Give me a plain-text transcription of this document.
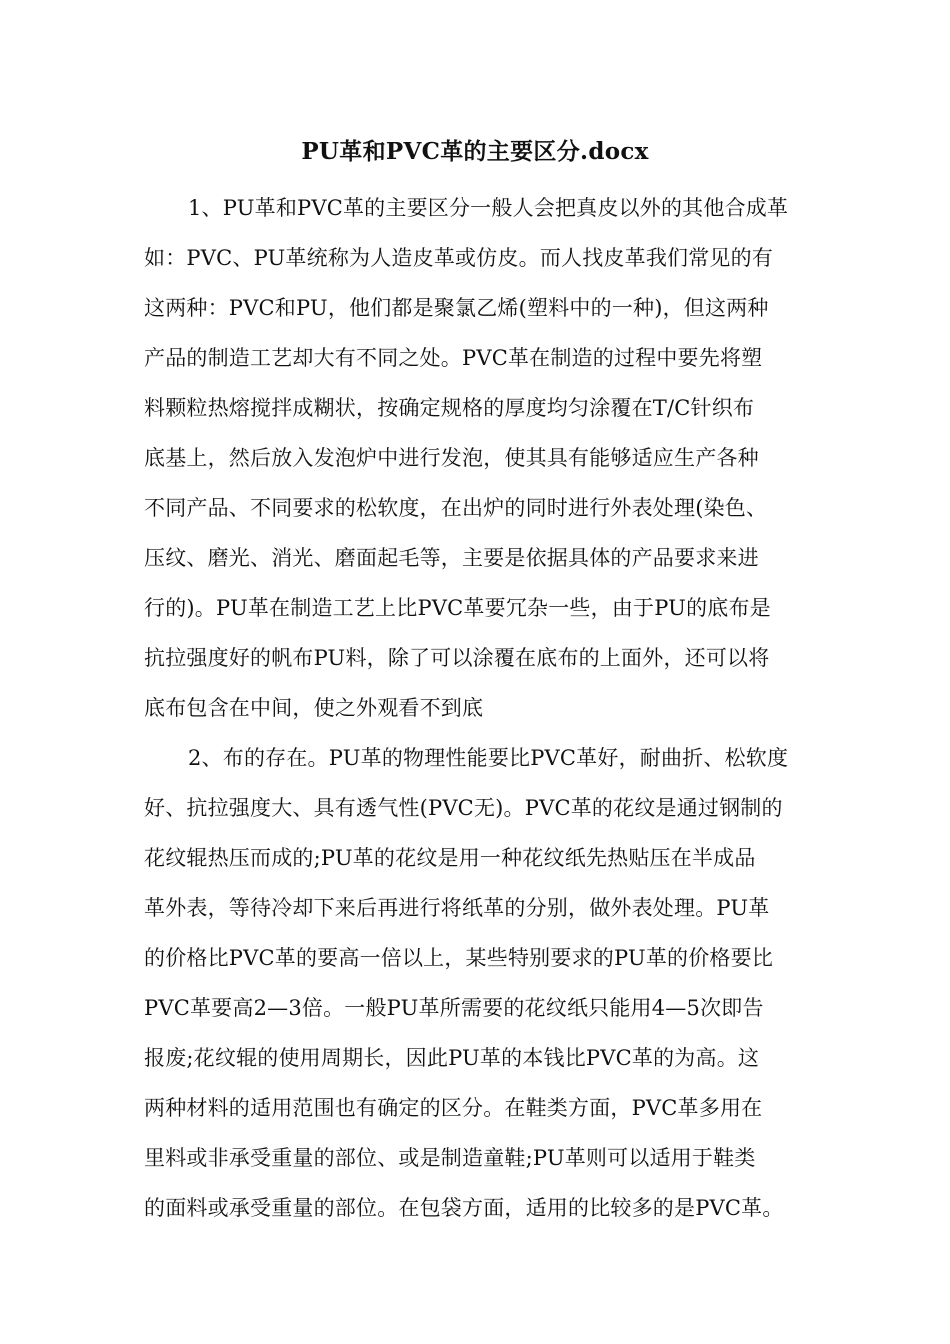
PU革和PVC革的主要区分.docx
1、PU革和PVC革的主要区分一般人会把真皮以外的其他合成革
如：PVC、PU革统称为人造皮革或仿皮。而人找皮革我们常见的有
这两种：PVC和PU，他们都是聚氯乙烯(塑料中的一种)，但这两种
产品的制造工艺却大有不同之处。PVC革在制造的过程中要先将塑
料颗粒热熔搅拌成糊状，按确定规格的厚度均匀涂覆在T/C针织布
底基上，然后放入发泡炉中进行发泡，使其具有能够适应生产各种
不同产品、不同要求的松软度，在出炉的同时进行外表处理(染色、
压纹、磨光、消光、磨面起毛等，主要是依据具体的产品要求来进
行的)。PU革在制造工艺上比PVC革要冗杂一些，由于PU的底布是
抗拉强度好的帆布PU料，除了可以涂覆在底布的上面外，还可以将
底布包含在中间，使之外观看不到底
2、布的存在。PU革的物理性能要比PVC革好，耐曲折、松软度
好、抗拉强度大、具有透气性(PVC无)。PVC革的花纹是通过钢制的
花纹辊热压而成的;PU革的花纹是用一种花纹纸先热贴压在半成品
革外表，等待冷却下来后再进行将纸革的分别，做外表处理。PU革
的价格比PVC革的要高一倍以上，某些特别要求的PU革的价格要比
PVC革要高2—3倍。一般PU革所需要的花纹纸只能用4—5次即告
报废;花纹辊的使用周期长，因此PU革的本钱比PVC革的为高。这
两种材料的适用范围也有确定的区分。在鞋类方面，PVC革多用在
里料或非承受重量的部位、或是制造童鞋;PU革则可以适用于鞋类
的面料或承受重量的部位。在包袋方面，适用的比较多的是PVC革。
